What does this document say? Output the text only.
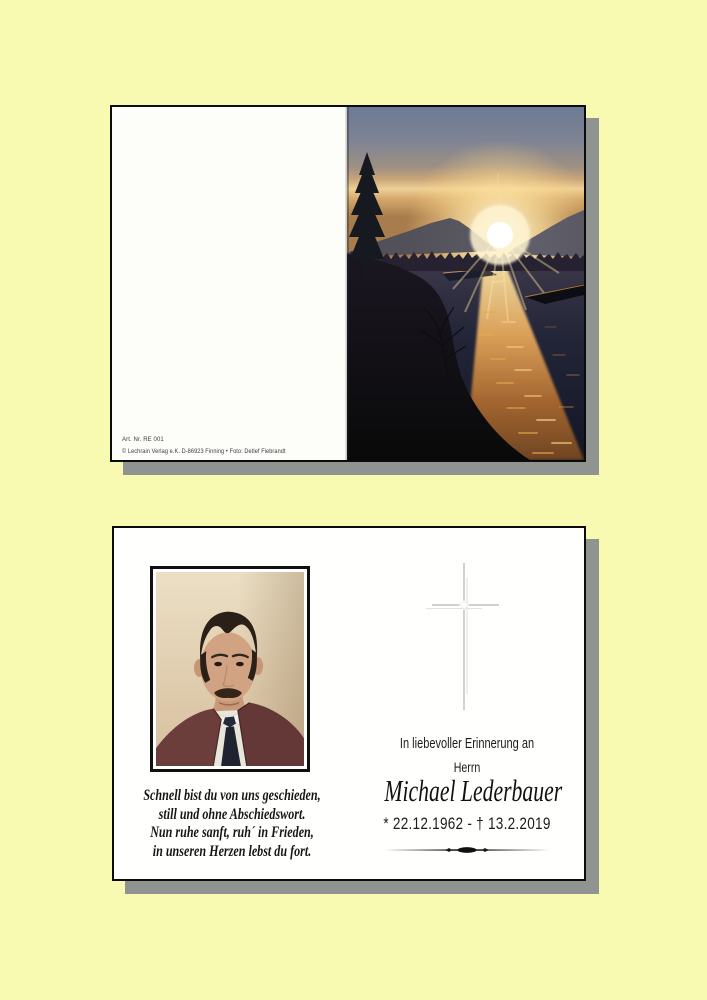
Art. Nr. RE 001
© Lechrain Verlag e.K. D-86923 Finning • Foto: Detlef Fiebrandt
Schnell bist du von uns geschieden,
still und ohne Abschiedswort.
Nun ruhe sanft, ruh´ in Frieden,
in unseren Herzen lebst du fort.
In liebevoller Erinnerung an
Herrn
Michael Lederbauer
* 22.12.1962 - † 13.2.2019
